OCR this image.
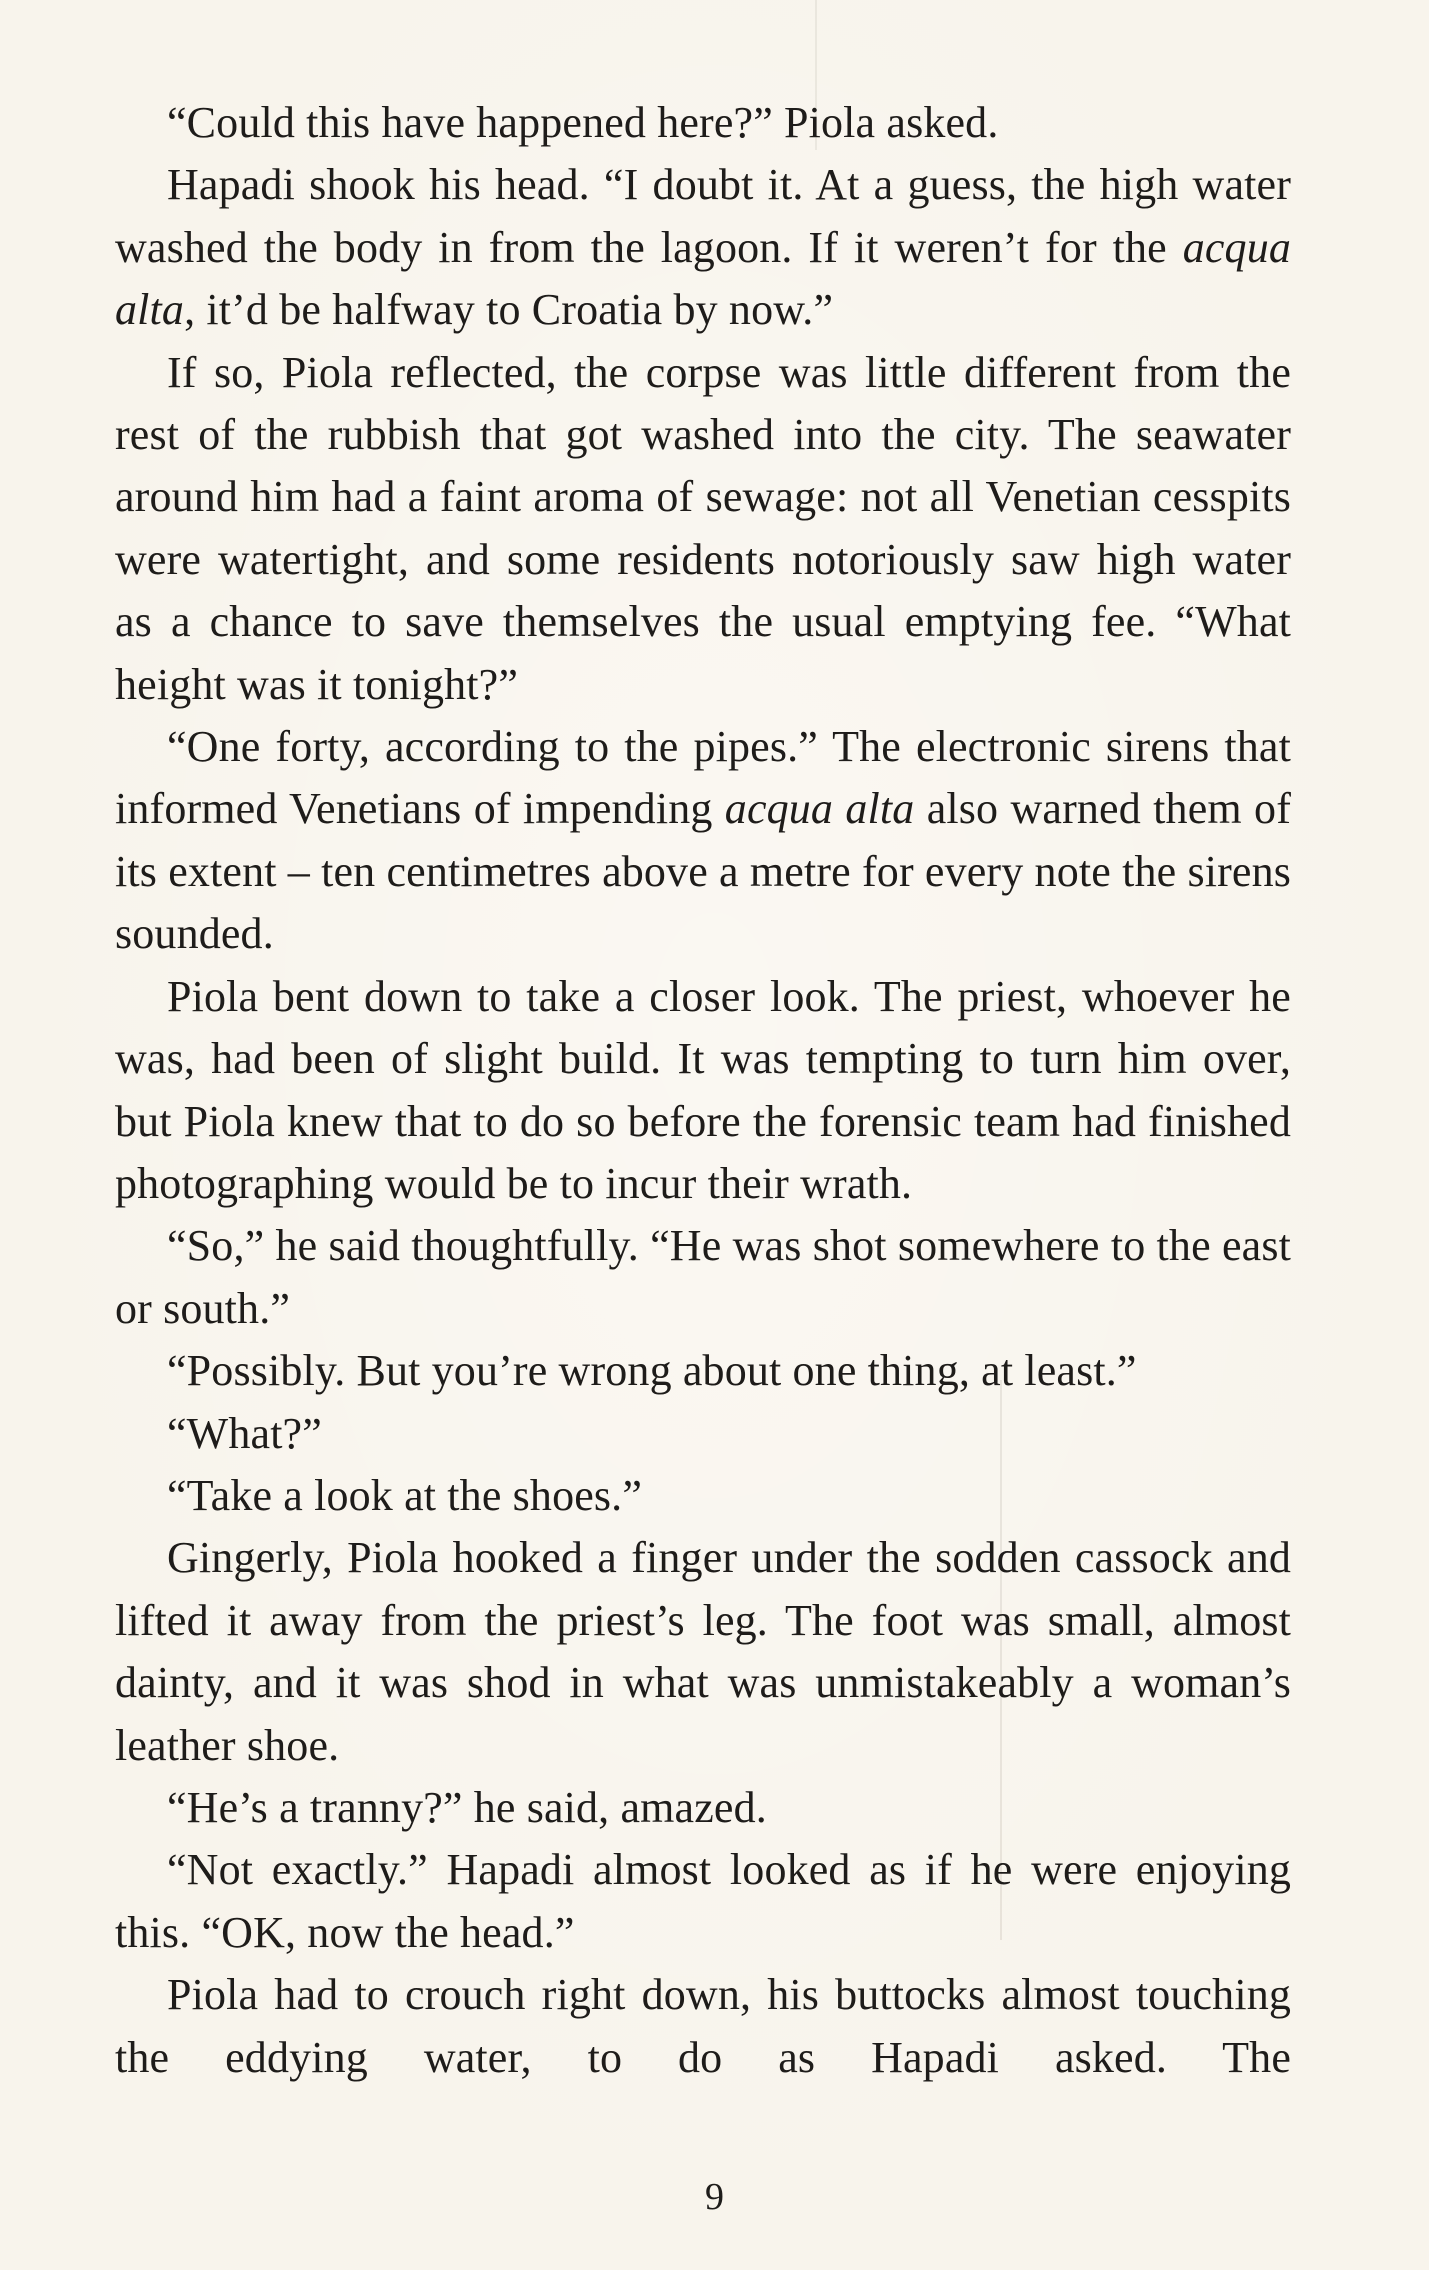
“Could this have happened here?” Piola asked.

Hapadi shook his head. “I doubt it. At a guess, the high water washed the body in from the lagoon. If it weren’t for the acqua alta, it’d be halfway to Croatia by now.”

If so, Piola reflected, the corpse was little different from the rest of the rubbish that got washed into the city. The seawater around him had a faint aroma of sewage: not all Venetian cesspits were watertight, and some residents notoriously saw high water as a chance to save themselves the usual emptying fee. “What height was it tonight?”

“One forty, according to the pipes.” The electronic sirens that informed Venetians of impending acqua alta also warned them of its extent – ten centimetres above a metre for every note the sirens sounded.

Piola bent down to take a closer look. The priest, whoever he was, had been of slight build. It was tempting to turn him over, but Piola knew that to do so before the forensic team had finished photographing would be to incur their wrath.

“So,” he said thoughtfully. “He was shot somewhere to the east or south.”

“Possibly. But you’re wrong about one thing, at least.”

“What?”

“Take a look at the shoes.”

Gingerly, Piola hooked a finger under the sodden cassock and lifted it away from the priest’s leg. The foot was small, almost dainty, and it was shod in what was unmistakeably a woman’s leather shoe.

“He’s a tranny?” he said, amazed.

“Not exactly.” Hapadi almost looked as if he were enjoying this. “OK, now the head.”

Piola had to crouch right down, his buttocks almost touching the eddying water, to do as Hapadi asked. The

9
